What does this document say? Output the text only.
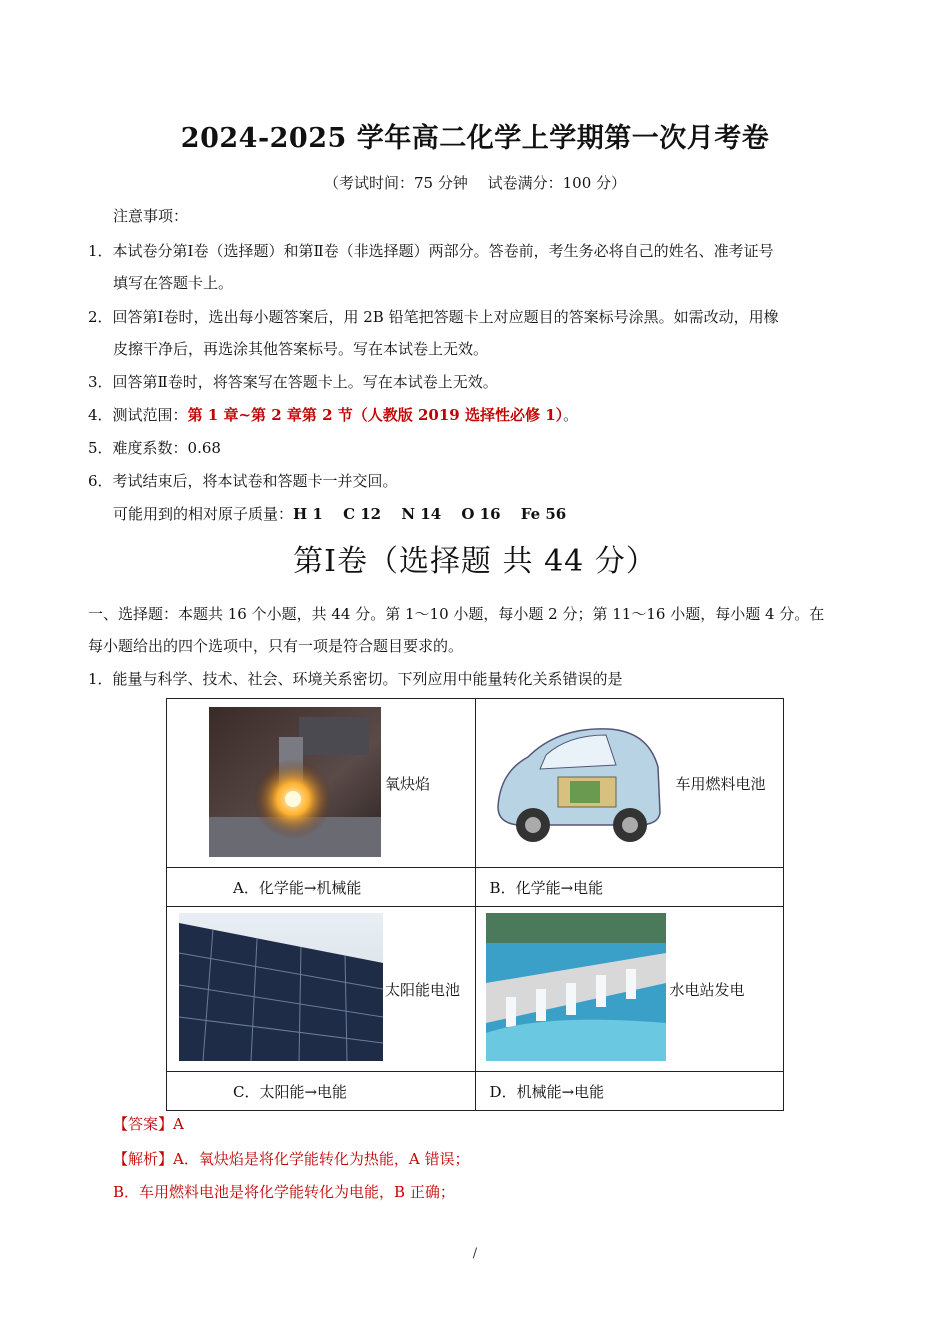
2024-2025 学年高二化学上学期第一次月考卷
（考试时间：75 分钟　 试卷满分：100 分）
注意事项：
1．本试卷分第Ⅰ卷（选择题）和第Ⅱ卷（非选择题）两部分。答卷前，考生务必将自己的姓名、准考证号
填写在答题卡上。
2．回答第Ⅰ卷时，选出每小题答案后，用 2B 铅笔把答题卡上对应题目的答案标号涂黑。如需改动，用橡
皮擦干净后，再选涂其他答案标号。写在本试卷上无效。
3．回答第Ⅱ卷时，将答案写在答题卡上。写在本试卷上无效。
4．测试范围：第 1 章~第 2 章第 2 节（人教版 2019 选择性必修 1）。
5．难度系数：0.68
6．考试结束后，将本试卷和答题卡一并交回。
可能用到的相对原子质量：H 1　 C 12　 N 14　 O 16　 Fe 56
第Ⅰ卷（选择题 共 44 分）
一、选择题：本题共 16 个小题，共 44 分。第 1～10 小题，每小题 2 分；第 11～16 小题，每小题 4 分。在
每小题给出的四个选项中，只有一项是符合题目要求的。
1．能量与科学、技术、社会、环境关系密切。下列应用中能量转化关系错误的是
氧炔焰	车用燃料电池

A．化学能→机械能	B．化学能→电能

太阳能电池	水电站发电

C．太阳能→电能	D．机械能→电能
【答案】A
【解析】A．氧炔焰是将化学能转化为热能，A 错误；
B．车用燃料电池是将化学能转化为电能，B 正确；
/
